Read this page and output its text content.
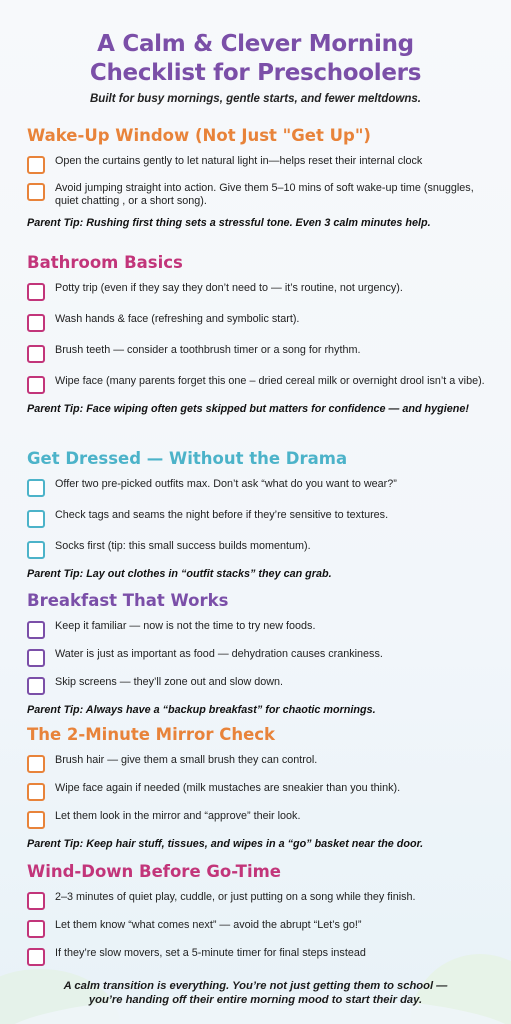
A Calm & Clever Morning
Checklist for Preschoolers
Built for busy mornings, gentle starts, and fewer meltdowns.
Wake-Up Window (Not Just "Get Up")
Open the curtains gently to let natural light in—helps reset their internal clock
Avoid jumping straight into action. Give them 5–10 mins of soft wake-up time (snuggles, quiet chatting , or a short song).
Parent Tip: Rushing first thing sets a stressful tone. Even 3 calm minutes help.
Bathroom Basics
Potty trip (even if they say they don’t need to — it’s routine, not urgency).
Wash hands & face (refreshing and symbolic start).
Brush teeth — consider a toothbrush timer or a song for rhythm.
Wipe face (many parents forget this one – dried cereal milk or overnight drool isn’t a vibe).
Parent Tip: Face wiping often gets skipped but matters for confidence — and hygiene!
Get Dressed — Without the Drama
Offer two pre-picked outfits max. Don’t ask “what do you want to wear?”
Check tags and seams the night before if they’re sensitive to textures.
Socks first (tip: this small success builds momentum).
Parent Tip: Lay out clothes in “outfit stacks” they can grab.
Breakfast That Works
Keep it familiar — now is not the time to try new foods.
Water is just as important as food — dehydration causes crankiness.
Skip screens — they’ll zone out and slow down.
Parent Tip: Always have a “backup breakfast” for chaotic mornings.
The 2-Minute Mirror Check
Brush hair — give them a small brush they can control.
Wipe face again if needed (milk mustaches are sneakier than you think).
Let them look in the mirror and “approve” their look.
Parent Tip: Keep hair stuff, tissues, and wipes in a “go” basket near the door.
Wind-Down Before Go-Time
2–3 minutes of quiet play, cuddle, or just putting on a song while they finish.
Let them know “what comes next” — avoid the abrupt “Let’s go!”
If they’re slow movers, set a 5-minute timer for final steps instead
A calm transition is everything. You’re not just getting them to school —
you’re handing off their entire morning mood to start their day.
